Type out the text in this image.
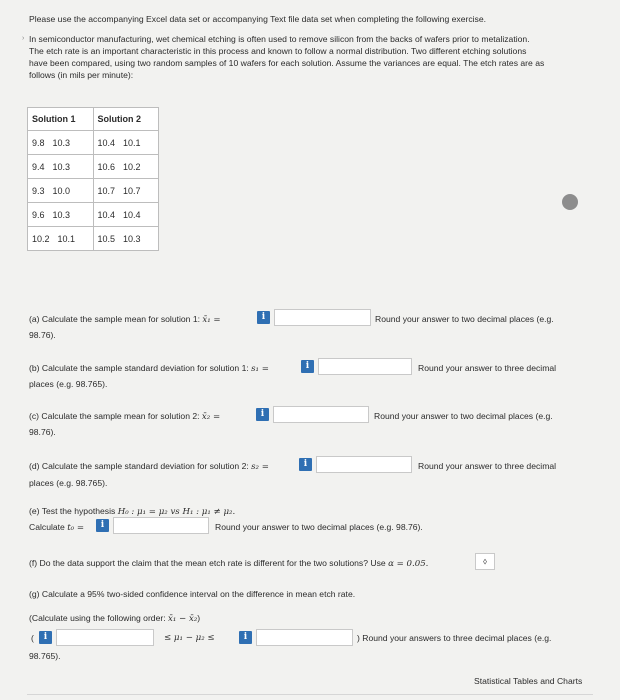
Please use the accompanying Excel data set or accompanying Text file data set when completing the following exercise.
› In semiconductor manufacturing, wet chemical etching is often used to remove silicon from the backs of wafers prior to metalization.
The etch rate is an important characteristic in this process and known to follow a normal distribution. Two different etching solutions
have been compared, using two random samples of 10 wafers for each solution. Assume the variances are equal. The etch rates are as
follows (in mils per minute):
Solution 1	Solution 2

9.8 10.3	10.4 10.1

9.4 10.3	10.6 10.2

9.3 10.0	10.7 10.7

9.6 10.3	10.4 10.4

10.2 10.1	10.5 10.3
(a) Calculate the sample mean for solution 1: x̄₁ =	i	Round your answer to two decimal places (e.g.
98.76).
(b) Calculate the sample standard deviation for solution 1: s₁ =	i	Round your answer to three decimal
places (e.g. 98.765).
(c) Calculate the sample mean for solution 2: x̄₂ =	i	Round your answer to two decimal places (e.g.
98.76).
(d) Calculate the sample standard deviation for solution 2: s₂ =	i	Round your answer to three decimal
places (e.g. 98.765).
(e) Test the hypothesis H₀ : μ₁ = μ₂ vs H₁ : μ₁ ≠ μ₂.
Calculate t₀ =	i	Round your answer to two decimal places (e.g. 98.76).
(f) Do the data support the claim that the mean etch rate is different for the two solutions? Use α = 0.05.	⬨
(g) Calculate a 95% two-sided confidence interval on the difference in mean etch rate.
(Calculate using the following order: x̄₁ − x̄₂)
(	i	≤ μ₁ − μ₂ ≤	i	) Round your answers to three decimal places (e.g.
98.765).
Statistical Tables and Charts
